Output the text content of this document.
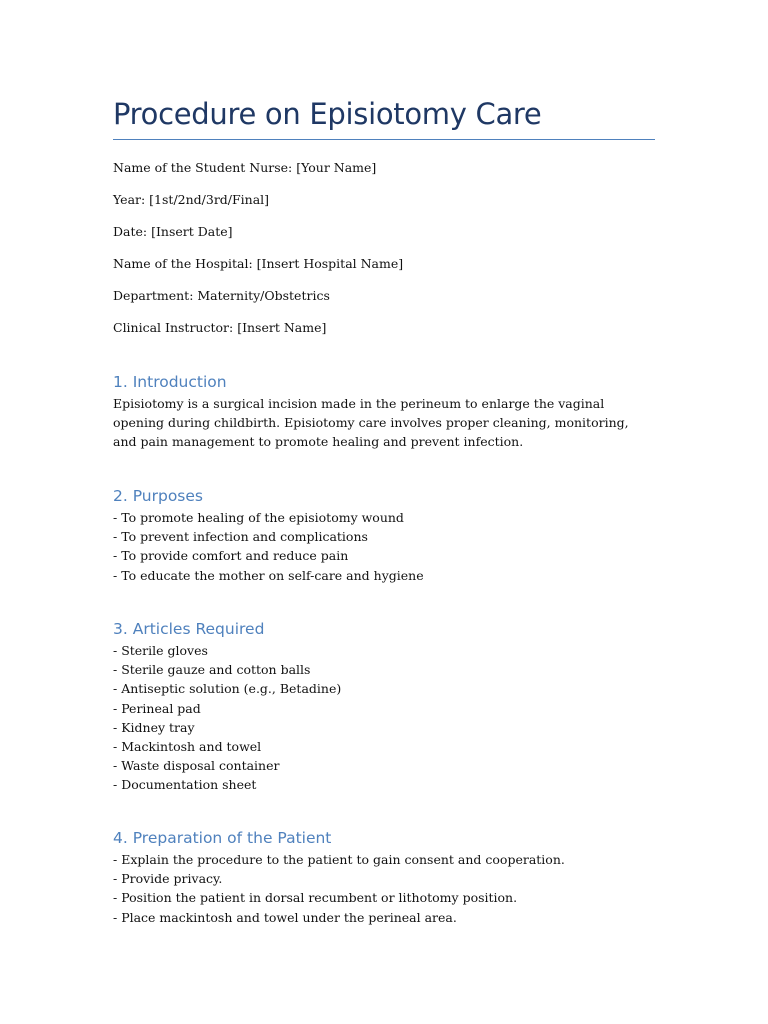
Procedure on Episiotomy Care
Name of the Student Nurse: [Your Name]
Year: [1st/2nd/3rd/Final]
Date: [Insert Date]
Name of the Hospital: [Insert Hospital Name]
Department: Maternity/Obstetrics
Clinical Instructor: [Insert Name]
1. Introduction

Episiotomy is a surgical incision made in the perineum to enlarge the vaginal opening during childbirth. Episiotomy care involves proper cleaning, monitoring, and pain management to promote healing and prevent infection.

2. Purposes
- To promote healing of the episiotomy wound
- To prevent infection and complications
- To provide comfort and reduce pain
- To educate the mother on self-care and hygiene
3. Articles Required
- Sterile gloves
- Sterile gauze and cotton balls
- Antiseptic solution (e.g., Betadine)
- Perineal pad
- Kidney tray
- Mackintosh and towel
- Waste disposal container
- Documentation sheet
4. Preparation of the Patient
- Explain the procedure to the patient to gain consent and cooperation.
- Provide privacy.
- Position the patient in dorsal recumbent or lithotomy position.
- Place mackintosh and towel under the perineal area.
